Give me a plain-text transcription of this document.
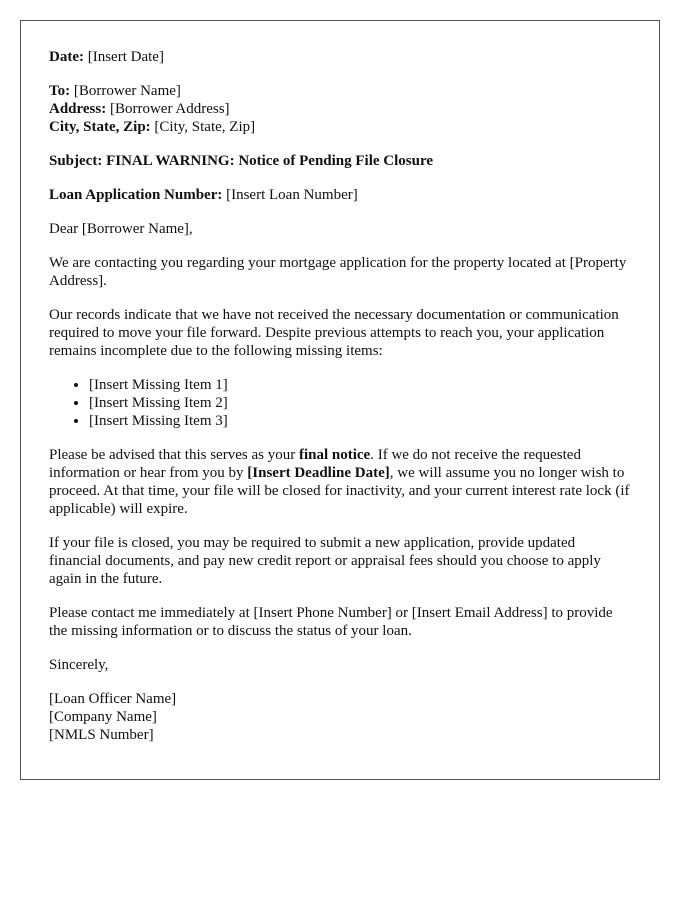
Date: [Insert Date]

To: [Borrower Name]

Address: [Borrower Address]

City, State, Zip: [City, State, Zip]

Subject: FINAL WARNING: Notice of Pending File Closure

Loan Application Number: [Insert Loan Number]

Dear [Borrower Name],

We are contacting you regarding your mortgage application for the property located at [Property Address].

Our records indicate that we have not received the necessary documentation or communication required to move your file forward. Despite previous attempts to reach you, your application remains incomplete due to the following missing items:

• [Insert Missing Item 1]
• [Insert Missing Item 2]
• [Insert Missing Item 3]

Please be advised that this serves as your final notice. If we do not receive the requested information or hear from you by [Insert Deadline Date], we will assume you no longer wish to proceed. At that time, your file will be closed for inactivity, and your current interest rate lock (if applicable) will expire.

If your file is closed, you may be required to submit a new application, provide updated financial documents, and pay new credit report or appraisal fees should you choose to apply again in the future.

Please contact me immediately at [Insert Phone Number] or [Insert Email Address] to provide the missing information or to discuss the status of your loan.

Sincerely,

[Loan Officer Name]

[Company Name]

[NMLS Number]
